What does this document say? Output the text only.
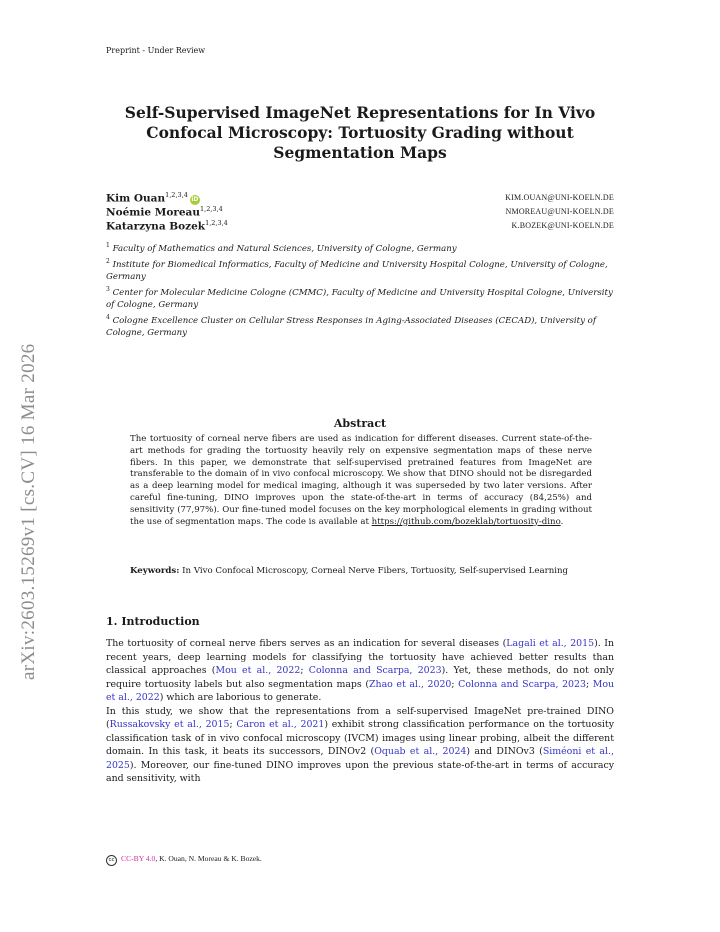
Preprint - Under Review
Self-Supervised ImageNet Representations for In Vivo
Confocal Microscopy: Tortuosity Grading without
Segmentation Maps
Kim Ouan$^{1,2,3,4}$ iD	KIM.OUAN@UNI-KOELN.DE
Noémie Moreau$^{1,2,3,4}$	NMOREAU@UNI-KOELN.DE
Katarzyna Bozek$^{1,2,3,4}$	K.BOZEK@UNI-KOELN.DE

$^1$ Faculty of Mathematics and Natural Sciences, University of Cologne, Germany

$^2$ Institute for Biomedical Informatics, Faculty of Medicine and University Hospital Cologne, University of Cologne, Germany

$^3$ Center for Molecular Medicine Cologne (CMMC), Faculty of Medicine and University Hospital Cologne, University of Cologne, Germany

$^4$ Cologne Excellence Cluster on Cellular Stress Responses in Aging-Associated Diseases (CECAD), University of Cologne, Germany

Abstract
The tortuosity of corneal nerve fibers are used as indication for different diseases. Current state-of-the-art methods for grading the tortuosity heavily rely on expensive segmentation maps of these nerve fibers. In this paper, we demonstrate that self-supervised pretrained features from ImageNet are transferable to the domain of in vivo confocal microscopy. We show that DINO should not be disregarded as a deep learning model for medical imaging, although it was superseded by two later versions. After careful fine-tuning, DINO improves upon the state-of-the-art in terms of accuracy (84,25%) and sensitivity (77,97%). Our fine-tuned model focuses on the key morphological elements in grading without the use of segmentation maps. The code is available at https://github.com/bozeklab/tortuosity-dino.
Keywords: In Vivo Confocal Microscopy, Corneal Nerve Fibers, Tortuosity, Self-supervised Learning
1. Introduction

The tortuosity of corneal nerve fibers serves as an indication for several diseases (Lagali et al., 2015). In recent years, deep learning models for classifying the tortuosity have achieved better results than classical approaches (Mou et al., 2022; Colonna and Scarpa, 2023). Yet, these methods, do not only require tortuosity labels but also segmentation maps (Zhao et al., 2020; Colonna and Scarpa, 2023; Mou et al., 2022) which are laborious to generate.

In this study, we show that the representations from a self-supervised ImageNet pre-trained DINO (Russakovsky et al., 2015; Caron et al., 2021) exhibit strong classification performance on the tortuosity classification task of in vivo confocal microscopy (IVCM) images using linear probing, albeit the different domain. In this task, it beats its successors, DINOv2 (Oquab et al., 2024) and DINOv3 (Siméoni et al., 2025). Moreover, our fine-tuned DINO improves upon the previous state-of-the-art in terms of accuracy and sensitivity, with

cc CC-BY 4.0, K. Ouan, N. Moreau & K. Bozek.
arXiv:2603.15269v1 [cs.CV] 16 Mar 2026
